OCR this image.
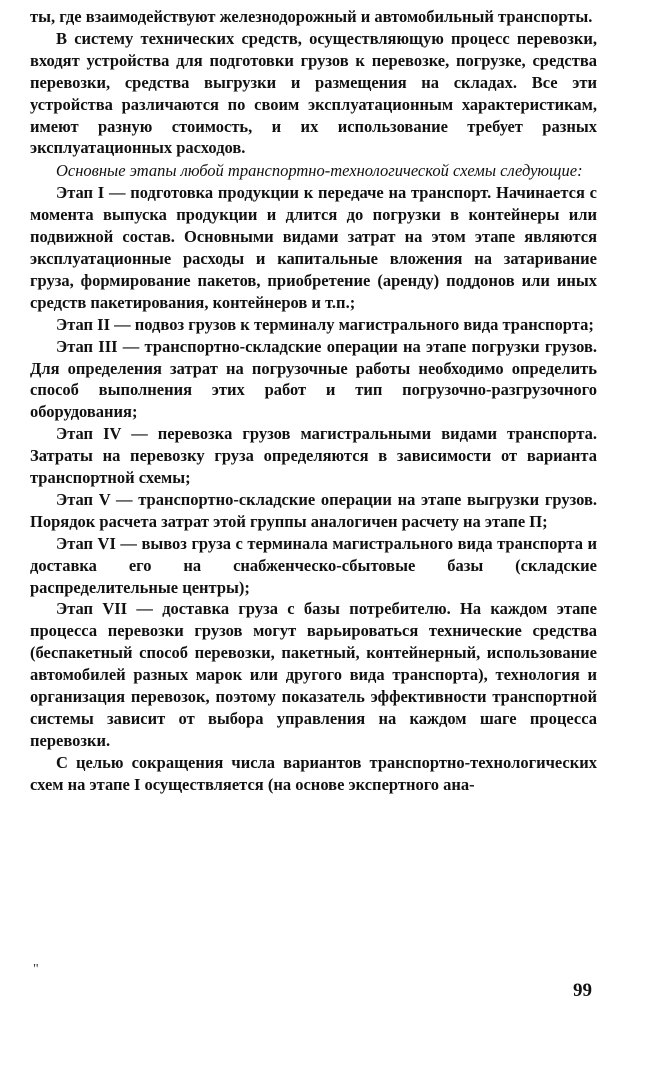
ты, где взаимодействуют железнодорожный и автомобильный транспорты.

В систему технических средств, осуществляющую процесс перевозки, входят устройства для подготовки грузов к перевозке, погрузке, средства перевозки, средства выгрузки и размещения на складах. Все эти устройства различаются по своим эксплуатационным характеристикам, имеют разную стоимость, и их использование требует разных эксплуатационных расходов.

Основные этапы любой транспортно-технологической схемы следующие:

Этап I — подготовка продукции к передаче на транспорт. Начинается с момента выпуска продукции и длится до погрузки в контейнеры или подвижной состав. Основными видами затрат на этом этапе являются эксплуатационные расходы и капитальные вложения на затаривание груза, формирование пакетов, приобретение (аренду) поддонов или иных средств пакетирования, контейнеров и т.п.;

Этап II — подвоз грузов к терминалу магистрального вида транспорта;

Этап III — транспортно-складские операции на этапе погрузки грузов. Для определения затрат на погрузочные работы необходимо определить способ выполнения этих работ и тип погрузочно-разгрузочного оборудования;

Этап IV — перевозка грузов магистральными видами транспорта. Затраты на перевозку груза определяются в зависимости от варианта транспортной схемы;

Этап V — транспортно-складские операции на этапе выгрузки грузов. Порядок расчета затрат этой группы аналогичен расчету на этапе П;

Этап VI — вывоз груза с терминала магистрального вида транспорта и доставка его на снабженческо-сбытовые базы (складские распределительные центры);

Этап VII — доставка груза с базы потребителю. На каждом этапе процесса перевозки грузов могут варьироваться технические средства (беспакетный способ перевозки, пакетный, контейнерный, использование автомобилей разных марок или другого вида транспорта), технология и организация перевозок, поэтому показатель эффективности транспортной системы зависит от выбора управления на каждом шаге процесса перевозки.

С целью сокращения числа вариантов транспортно-технологических схем на этапе I осуществляется (на основе экспертного ана-

"
99
